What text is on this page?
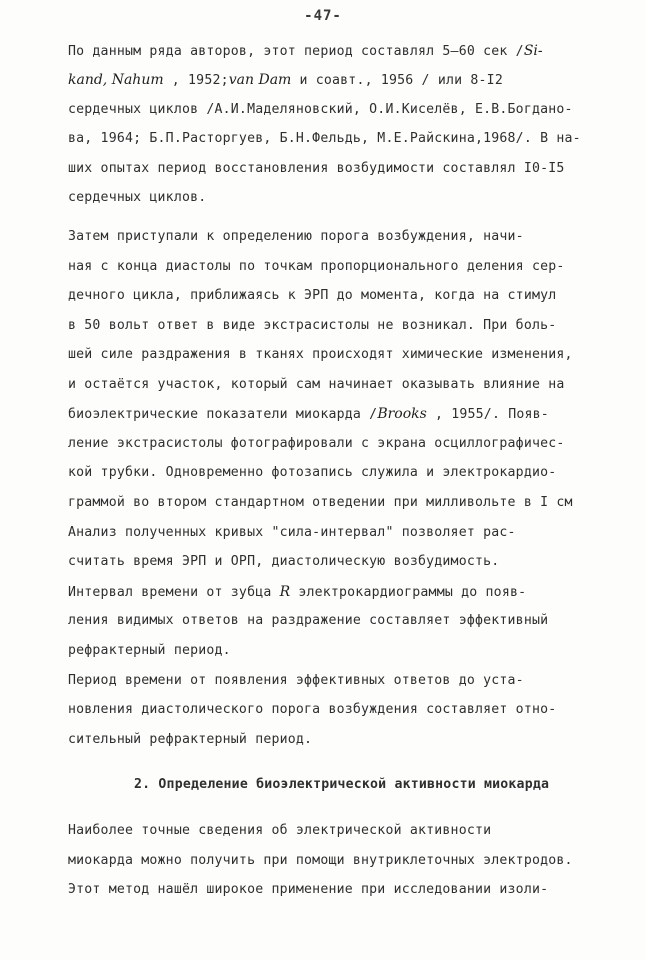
-47-
По данным ряда авторов, этот период составлял 5–60 сек /Si-
kand, Nahum , 1952;van Dam и соавт., 1956 / или 8-I2
сердечных циклов /А.И.Маделяновский, О.И.Киселёв, Е.В.Богдано-
ва, 1964; Б.П.Расторгуев, Б.Н.Фельдь, М.Е.Райскина,1968/. В на-
ших опытах период восстановления возбудимости составлял I0-I5
сердечных циклов.
Затем приступали к определению порога возбуждения, начи-
ная с конца диастолы по точкам пропорционального деления сер-
дечного цикла, приближаясь к ЭРП до момента, когда на стимул
в 50 вольт ответ в виде экстрасистолы не возникал. При боль-
шей силе раздражения в тканях происходят химические изменения,
и остаётся участок, который сам начинает оказывать влияние на
биоэлектрические показатели миокарда /Brooks , 1955/. Появ-
ление экстрасистолы фотографировали с экрана осциллографичес-
кой трубки. Одновременно фотозапись служила и электрокардио-
граммой во втором стандартном отведении при милливольте в I см
Анализ полученных кривых "сила-интервал" позволяет рас-
считать время ЭРП и ОРП, диастолическую возбудимость.
Интервал времени от зубца R электрокардиограммы до появ-
ления видимых ответов на раздражение составляет эффективный
рефрактерный период.
Период времени от появления эффективных ответов до уста-
новления диастолического порога возбуждения составляет отно-
сительный рефрактерный период.
2. Определение биоэлектрической активности миокарда
Наиболее точные сведения об электрической активности
миокарда можно получить при помощи внутриклеточных электродов.
Этот метод нашёл широкое применение при исследовании изоли-
